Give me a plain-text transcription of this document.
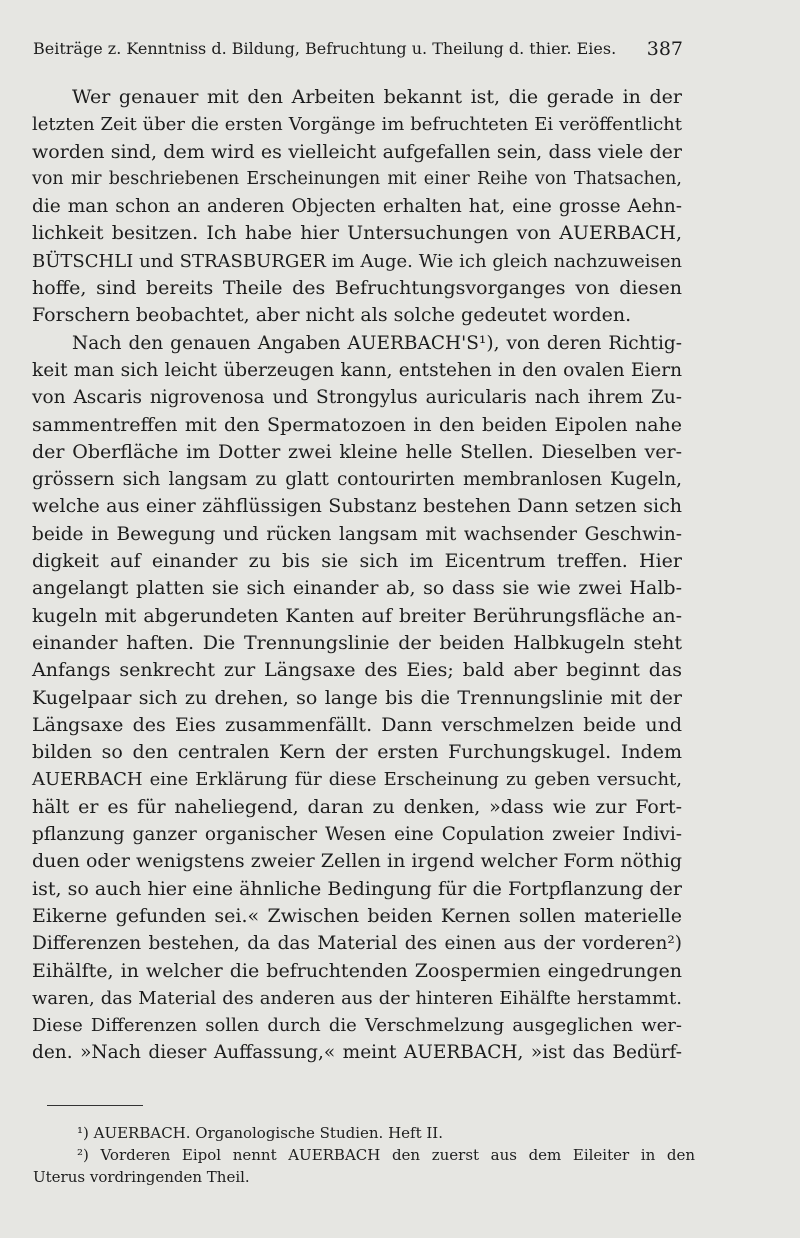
Beiträge z. Kenntniss d. Bildung, Befruchtung u. Theilung d. thier. Eies. 387
Wer genauer mit den Arbeiten bekannt ist, die gerade in der
letzten Zeit über die ersten Vorgänge im befruchteten Ei veröffentlicht
worden sind, dem wird es vielleicht aufgefallen sein, dass viele der
von mir beschriebenen Erscheinungen mit einer Reihe von Thatsachen,
die man schon an anderen Objecten erhalten hat, eine grosse Aehn-
lichkeit besitzen. Ich habe hier Untersuchungen von AUERBACH,
BÜTSCHLI und STRASBURGER im Auge. Wie ich gleich nachzuweisen
hoffe, sind bereits Theile des Befruchtungsvorganges von diesen
Forschern beobachtet, aber nicht als solche gedeutet worden.
Nach den genauen Angaben AUERBACH'S¹), von deren Richtig-
keit man sich leicht überzeugen kann, entstehen in den ovalen Eiern
von Ascaris nigrovenosa und Strongylus auricularis nach ihrem Zu-
sammentreffen mit den Spermatozoen in den beiden Eipolen nahe
der Oberfläche im Dotter zwei kleine helle Stellen. Dieselben ver-
grössern sich langsam zu glatt contourirten membranlosen Kugeln,
welche aus einer zähflüssigen Substanz bestehen Dann setzen sich
beide in Bewegung und rücken langsam mit wachsender Geschwin-
digkeit auf einander zu bis sie sich im Eicentrum treffen. Hier
angelangt platten sie sich einander ab, so dass sie wie zwei Halb-
kugeln mit abgerundeten Kanten auf breiter Berührungsfläche an-
einander haften. Die Trennungslinie der beiden Halbkugeln steht
Anfangs senkrecht zur Längsaxe des Eies; bald aber beginnt das
Kugelpaar sich zu drehen, so lange bis die Trennungslinie mit der
Längsaxe des Eies zusammenfällt. Dann verschmelzen beide und
bilden so den centralen Kern der ersten Furchungskugel. Indem
AUERBACH eine Erklärung für diese Erscheinung zu geben versucht,
hält er es für naheliegend, daran zu denken, »dass wie zur Fort-
pflanzung ganzer organischer Wesen eine Copulation zweier Indivi-
duen oder wenigstens zweier Zellen in irgend welcher Form nöthig
ist, so auch hier eine ähnliche Bedingung für die Fortpflanzung der
Eikerne gefunden sei.« Zwischen beiden Kernen sollen materielle
Differenzen bestehen, da das Material des einen aus der vorderen²)
Eihälfte, in welcher die befruchtenden Zoospermien eingedrungen
waren, das Material des anderen aus der hinteren Eihälfte herstammt.
Diese Differenzen sollen durch die Verschmelzung ausgeglichen wer-
den. »Nach dieser Auffassung,« meint AUERBACH, »ist das Bedürf-
¹) AUERBACH. Organologische Studien. Heft II.
²) Vorderen Eipol nennt AUERBACH den zuerst aus dem Eileiter in den
Uterus vordringenden Theil.
